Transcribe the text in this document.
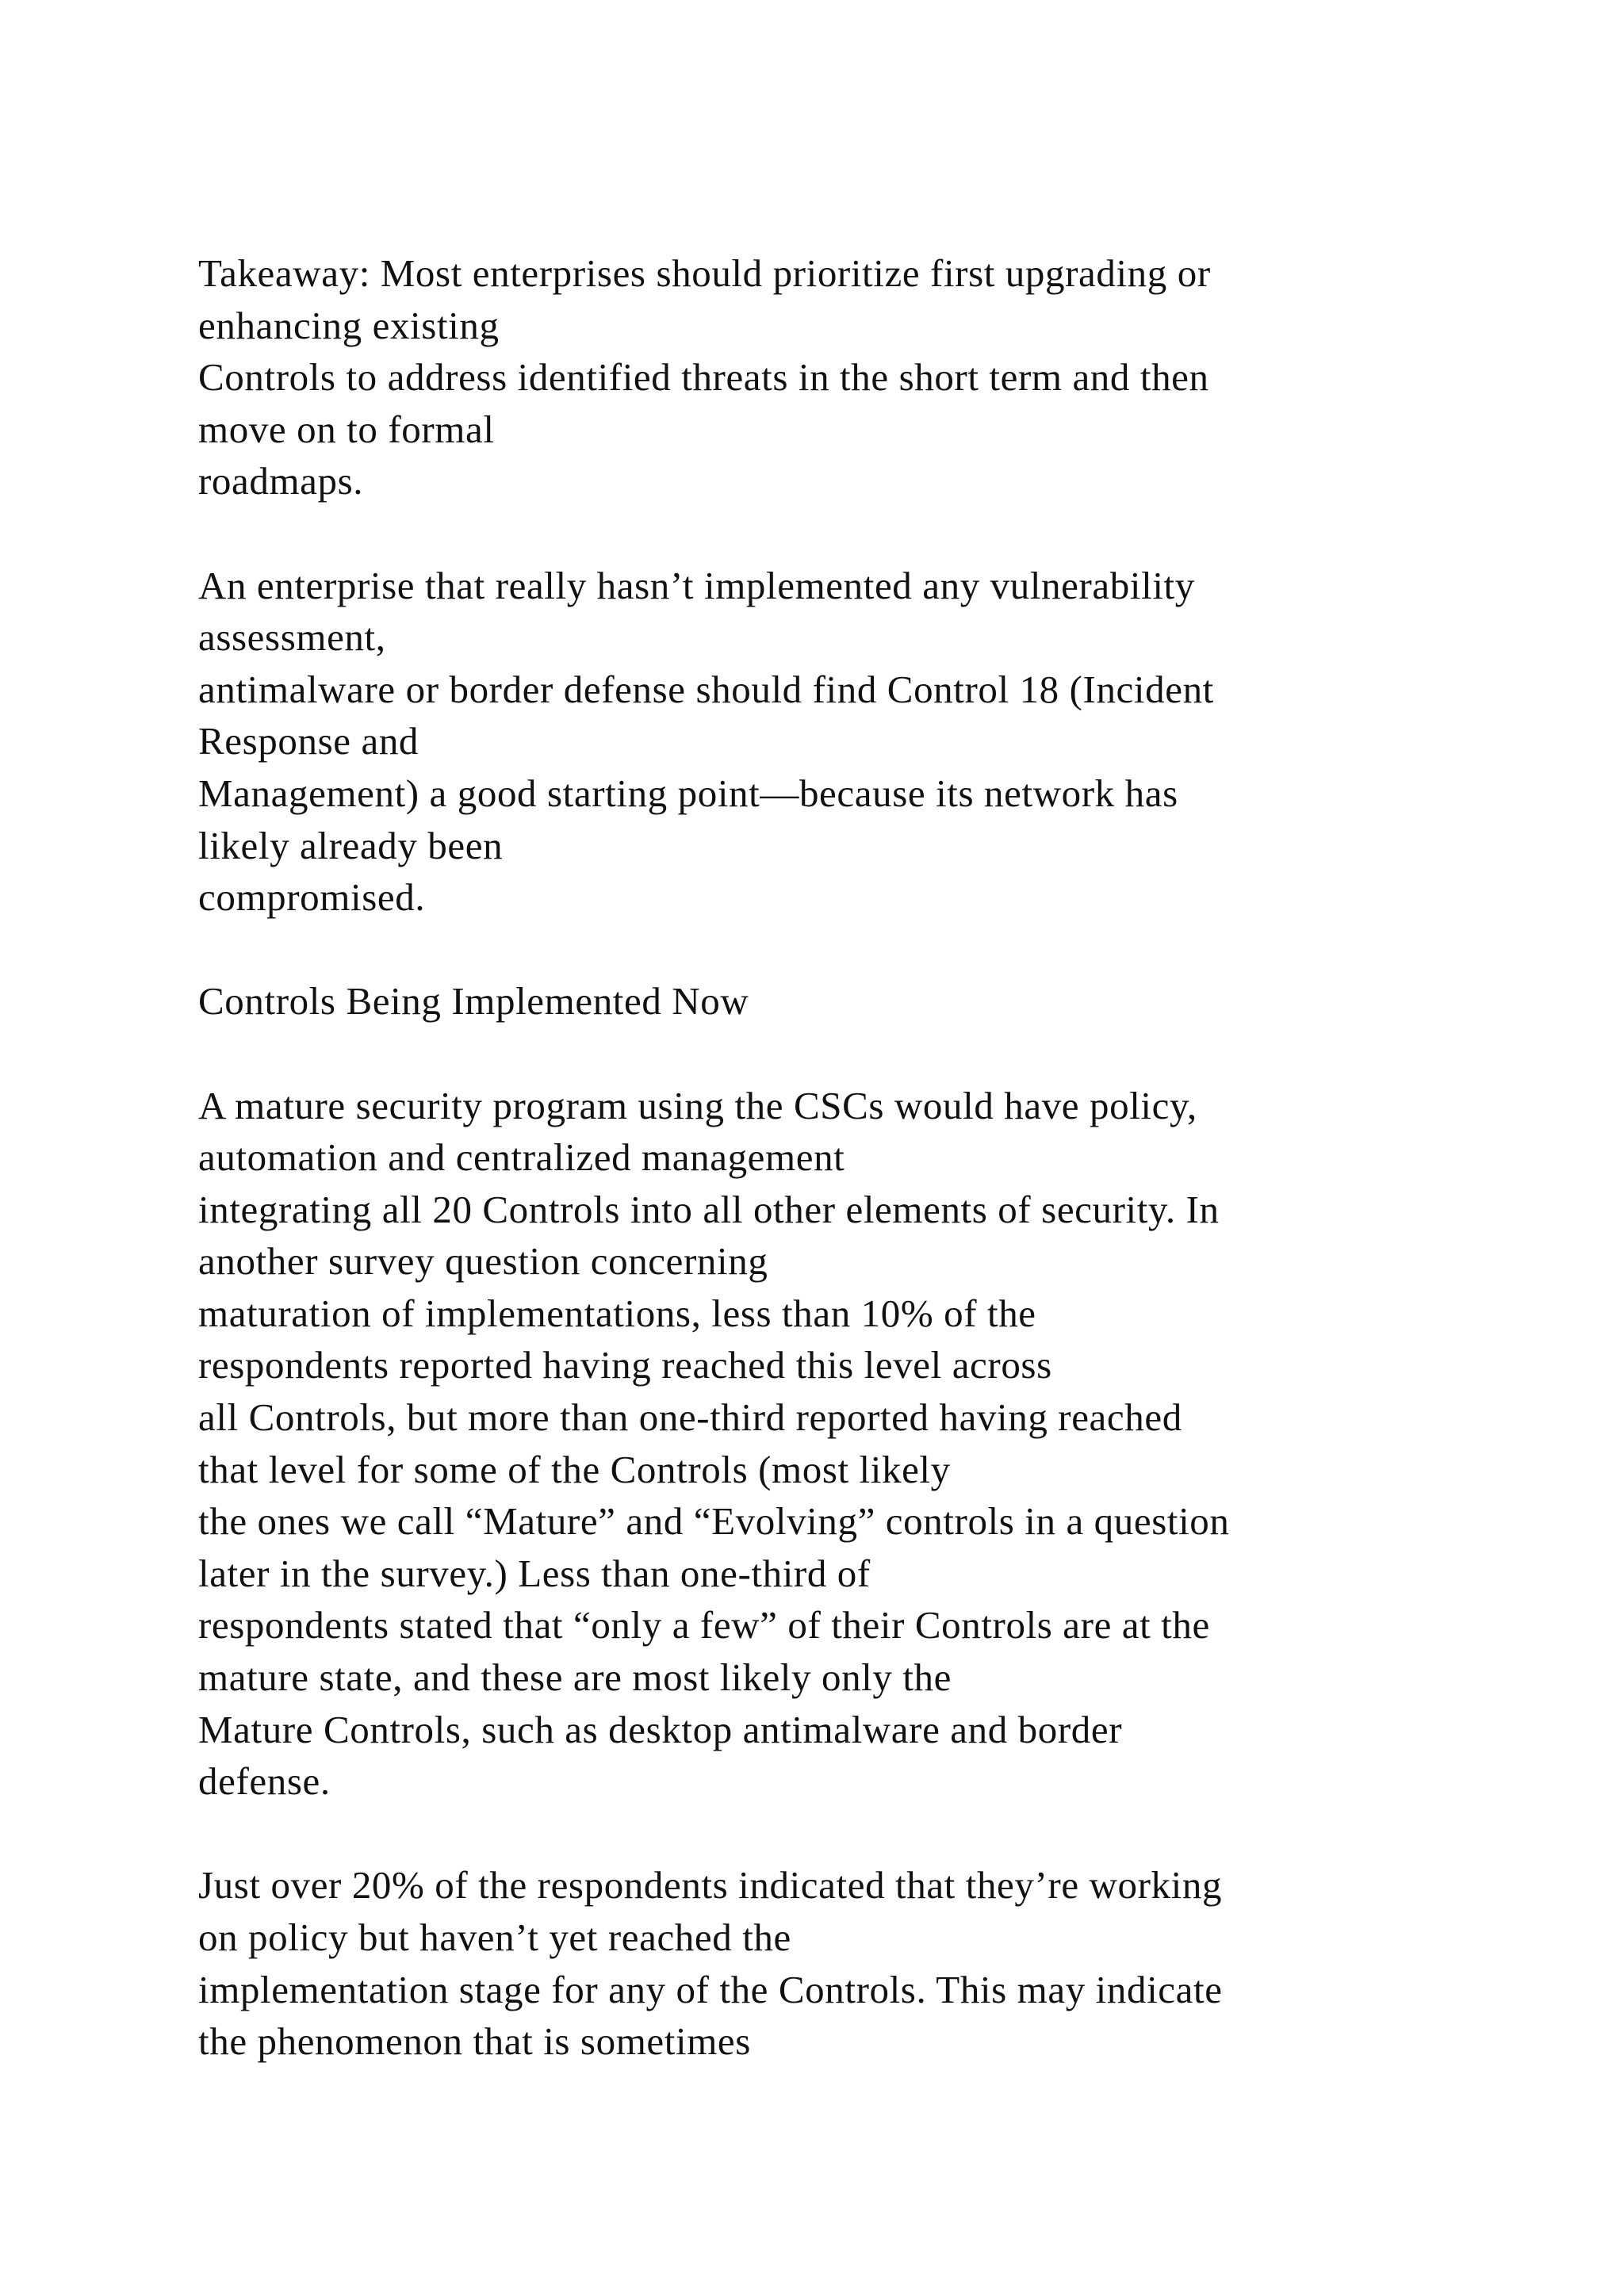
Takeaway: Most enterprises should prioritize first upgrading or
enhancing existing
Controls to address identified threats in the short term and then
move on to formal
roadmaps.

An enterprise that really hasn’t implemented any vulnerability
assessment,
antimalware or border defense should find Control 18 (Incident
Response and
Management) a good starting point—because its network has
likely already been
compromised.

Controls Being Implemented Now

A mature security program using the CSCs would have policy,
automation and centralized management
integrating all 20 Controls into all other elements of security. In
another survey question concerning
maturation of implementations, less than 10% of the
respondents reported having reached this level across
all Controls, but more than one-third reported having reached
that level for some of the Controls (most likely
the ones we call “Mature” and “Evolving” controls in a question
later in the survey.) Less than one-third of
respondents stated that “only a few” of their Controls are at the
mature state, and these are most likely only the
Mature Controls, such as desktop antimalware and border
defense.

Just over 20% of the respondents indicated that they’re working
on policy but haven’t yet reached the
implementation stage for any of the Controls. This may indicate
the phenomenon that is sometimes
